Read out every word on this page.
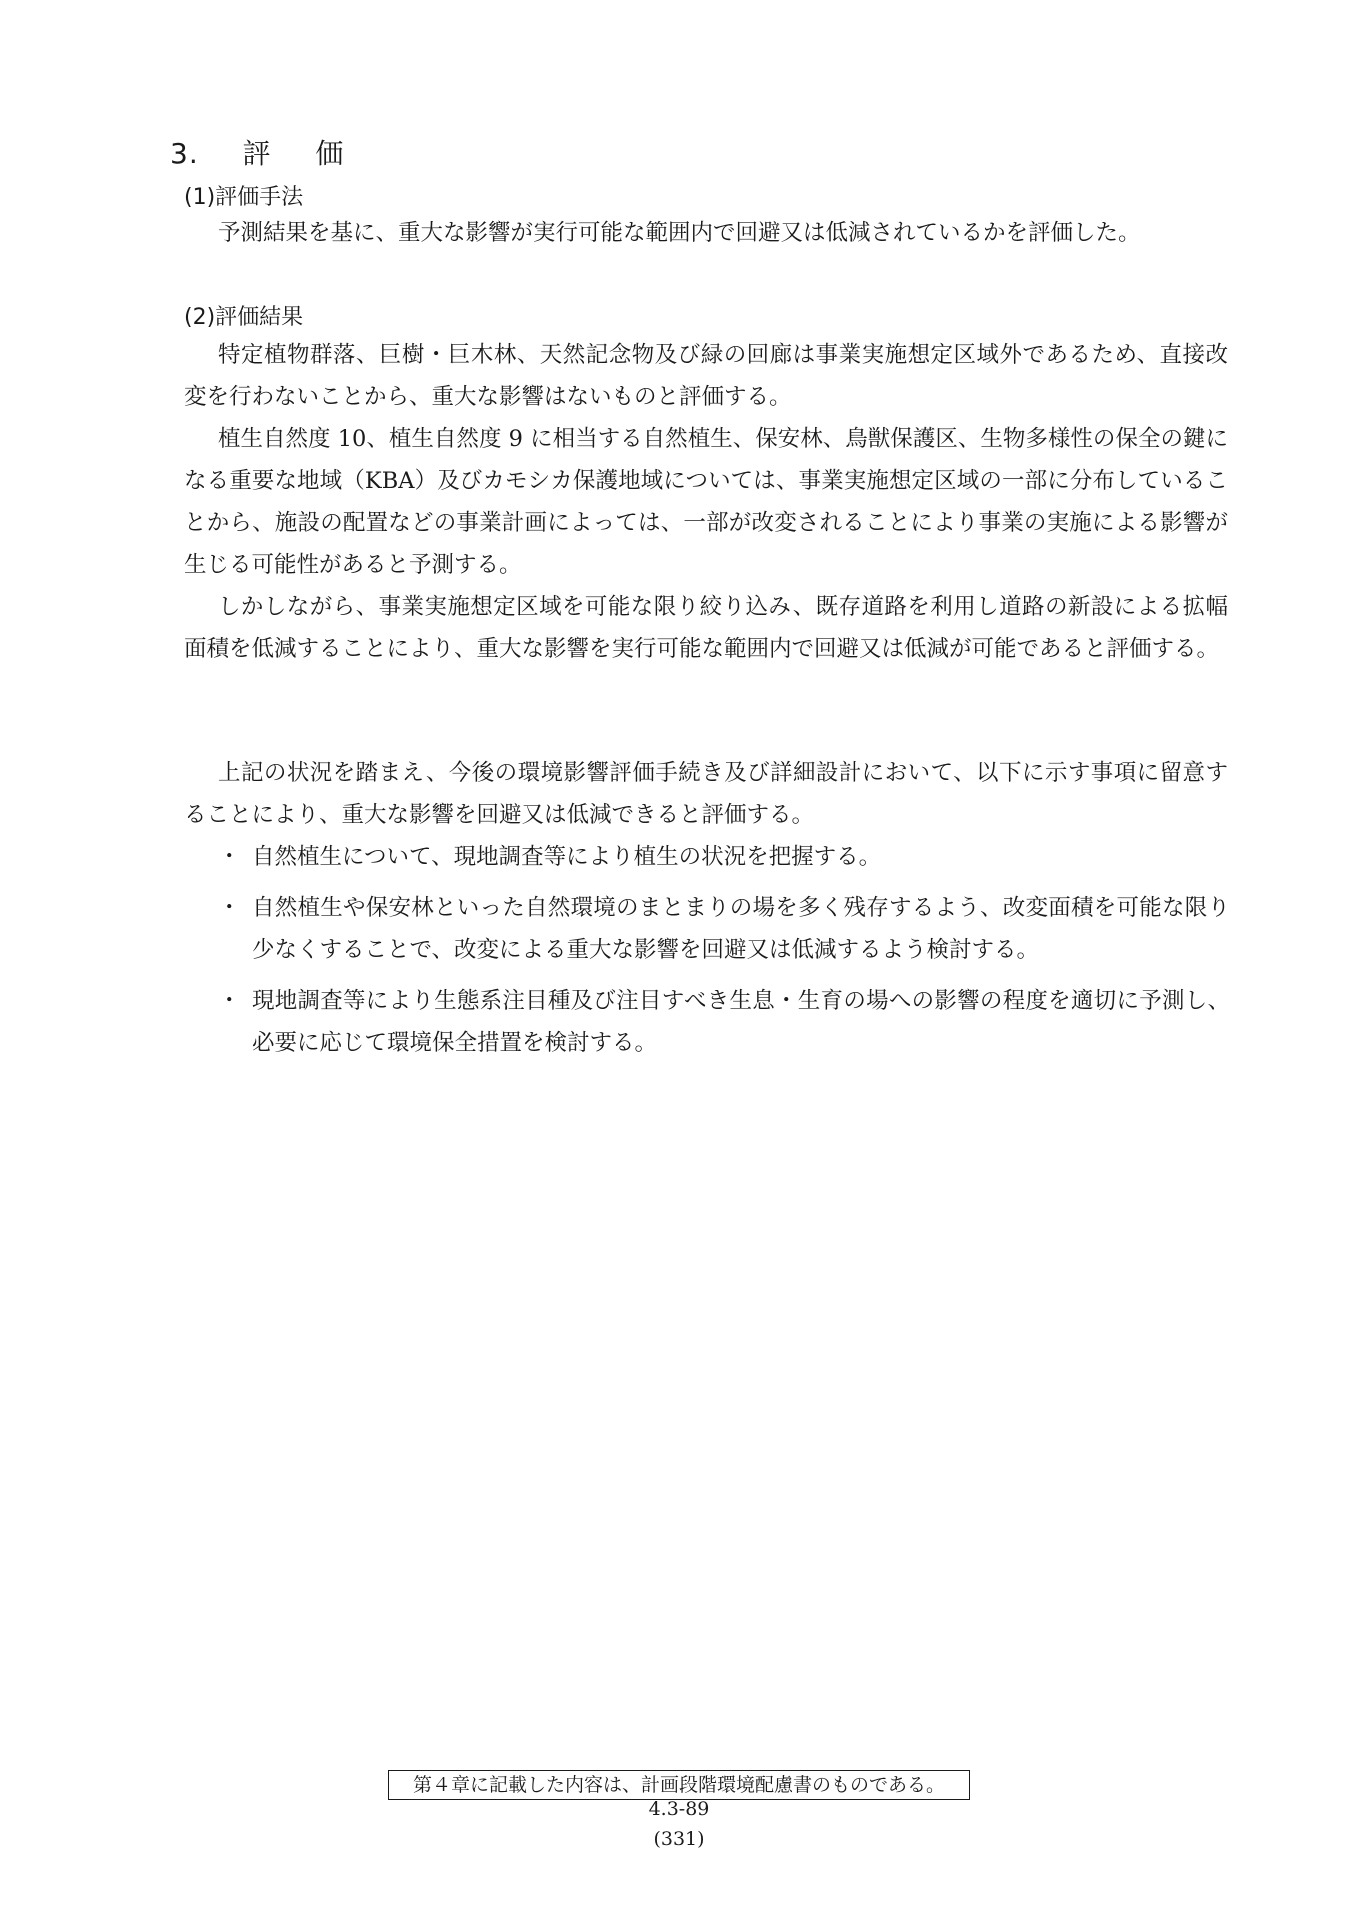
3. 評 価
(1)評価手法

予測結果を基に、重大な影響が実行可能な範囲内で回避又は低減されているかを評価した。

(2)評価結果

特定植物群落、巨樹・巨木林、天然記念物及び緑の回廊は事業実施想定区域外であるため、直接改変を行わないことから、重大な影響はないものと評価する。

植生自然度 10、植生自然度 9 に相当する自然植生、保安林、鳥獣保護区、生物多様性の保全の鍵になる重要な地域（KBA）及びカモシカ保護地域については、事業実施想定区域の一部に分布していることから、施設の配置などの事業計画によっては、一部が改変されることにより事業の実施による影響が生じる可能性があると予測する。

しかしながら、事業実施想定区域を可能な限り絞り込み、既存道路を利用し道路の新設による拡幅面積を低減することにより、重大な影響を実行可能な範囲内で回避又は低減が可能であると評価する。

上記の状況を踏まえ、今後の環境影響評価手続き及び詳細設計において、以下に示す事項に留意することにより、重大な影響を回避又は低減できると評価する。

・ 自然植生について、現地調査等により植生の状況を把握する。
・ 自然植生や保安林といった自然環境のまとまりの場を多く残存するよう、改変面積を可能な限り少なくすることで、改変による重大な影響を回避又は低減するよう検討する。
・ 現地調査等により生態系注目種及び注目すべき生息・生育の場への影響の程度を適切に予測し、必要に応じて環境保全措置を検討する。
第４章に記載した内容は、計画段階環境配慮書のものである。
4.3-89
(331)
